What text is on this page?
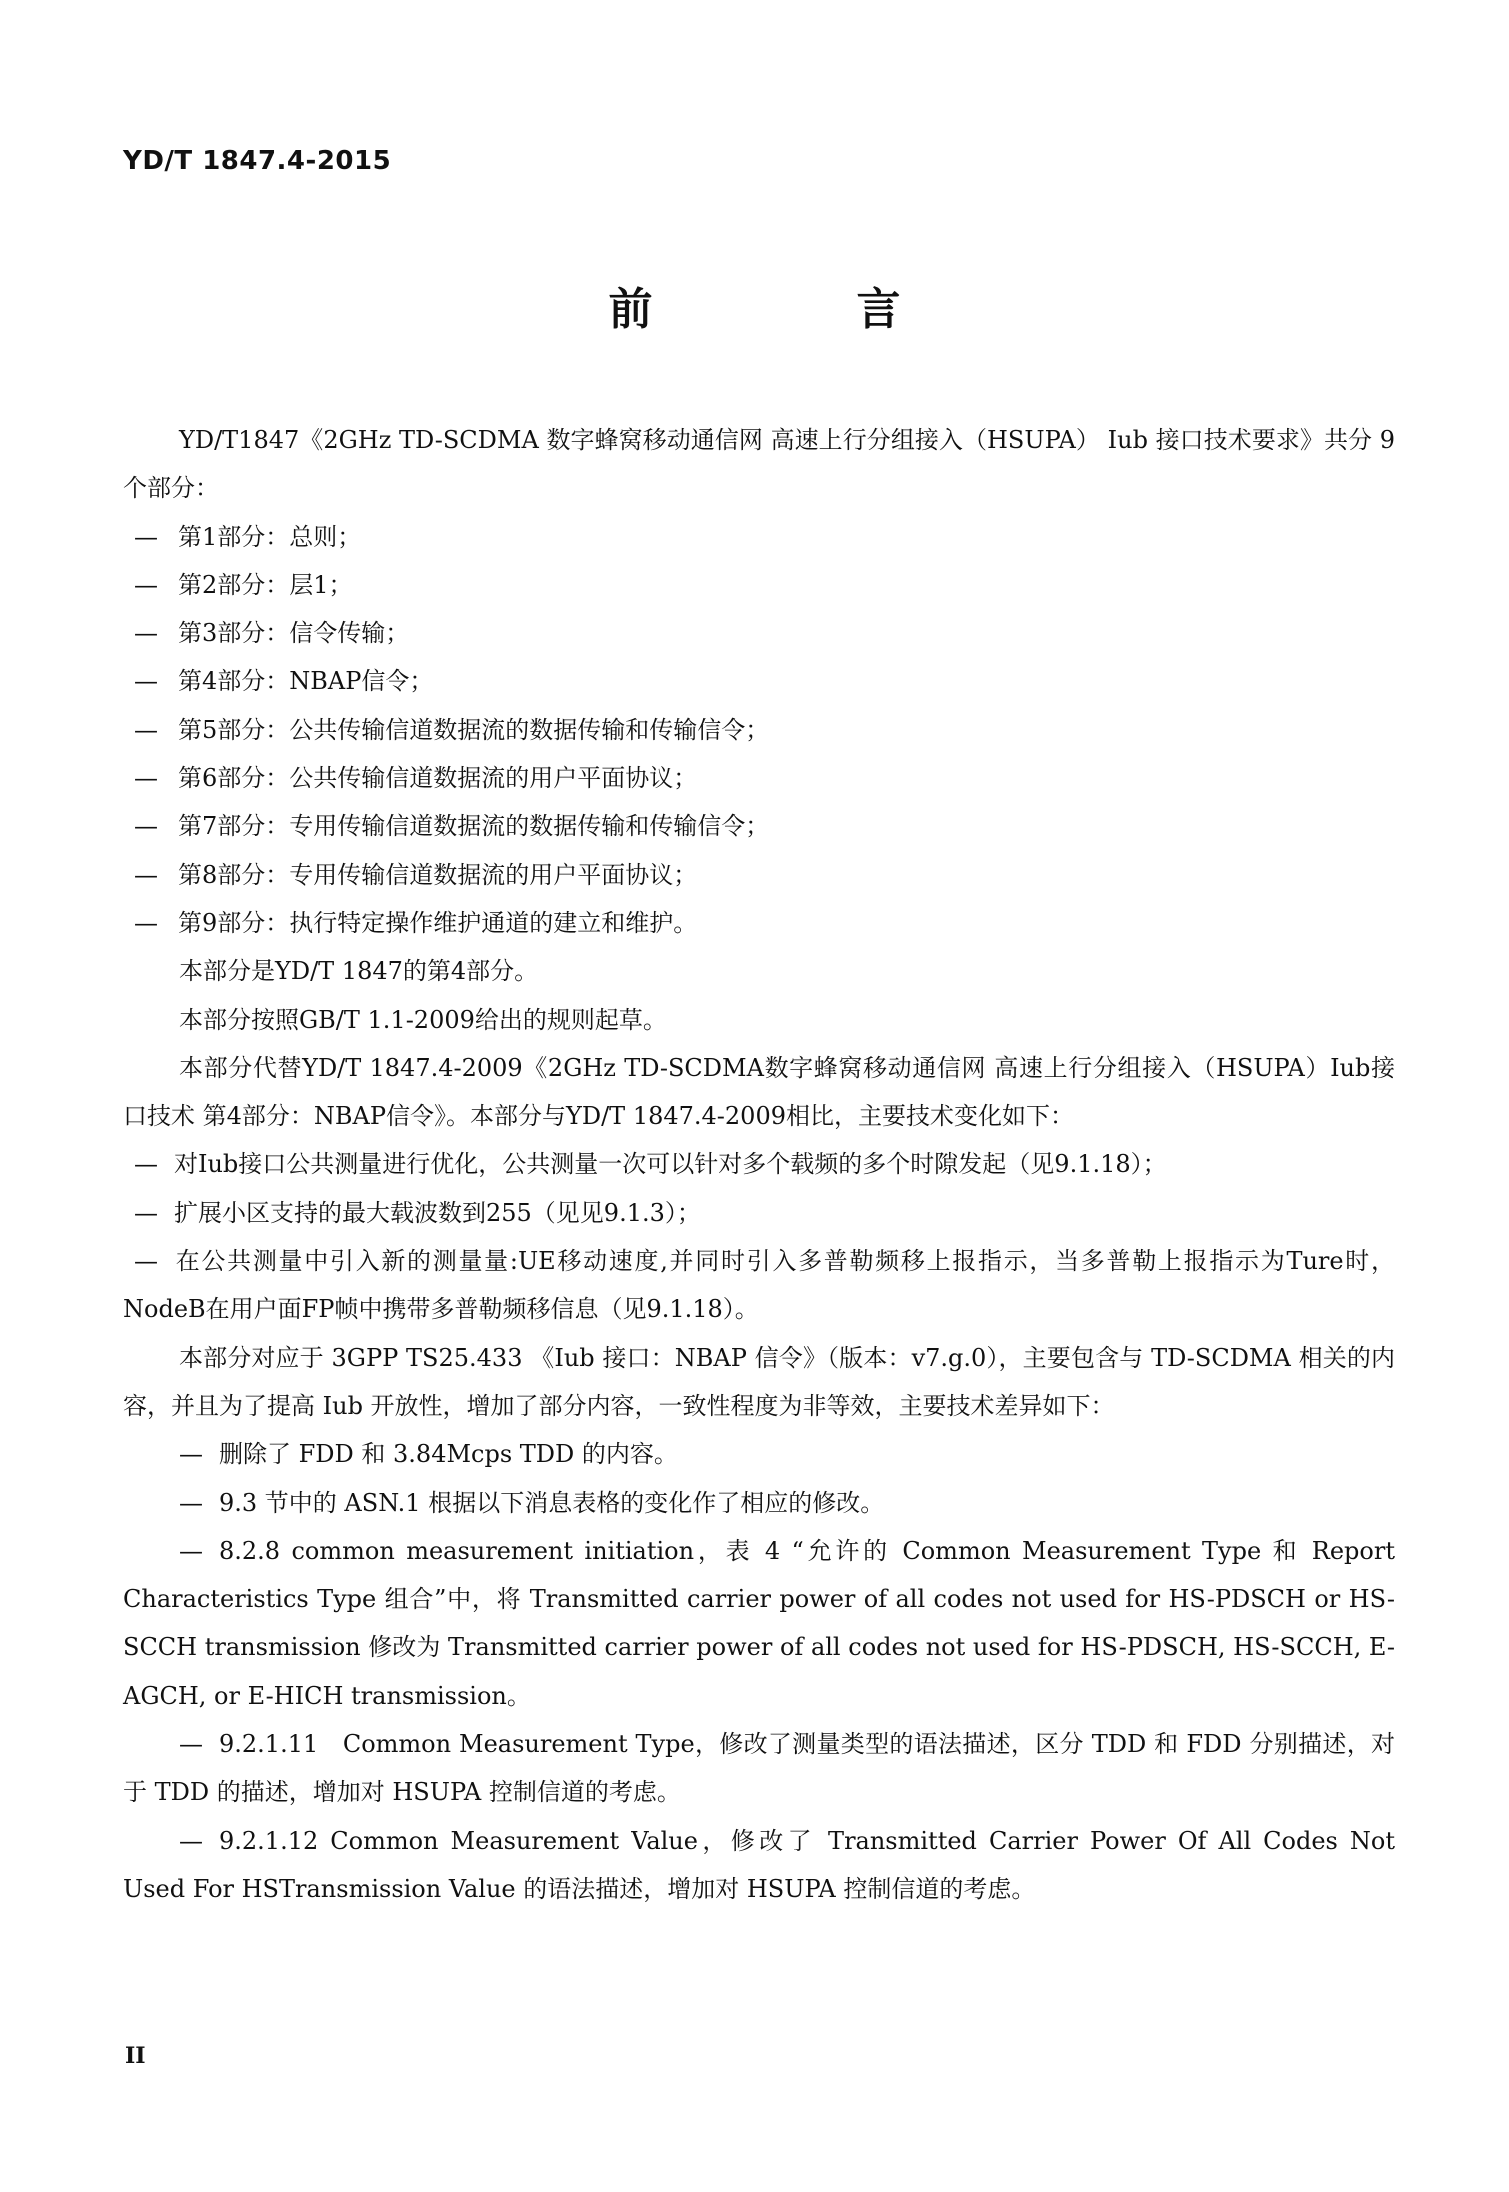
YD/T 1847.4-2015
前　言

YD/T1847《2GHz TD-SCDMA 数字蜂窝移动通信网 高速上行分组接入（HSUPA） Iub 接口技术要求》共分 9 个部分：

— 第1部分：总则；

— 第2部分：层1；

— 第3部分：信令传输；

— 第4部分：NBAP信令；

— 第5部分：公共传输信道数据流的数据传输和传输信令；

— 第6部分：公共传输信道数据流的用户平面协议；

— 第7部分：专用传输信道数据流的数据传输和传输信令；

— 第8部分：专用传输信道数据流的用户平面协议；

— 第9部分：执行特定操作维护通道的建立和维护。

本部分是YD/T 1847的第4部分。

本部分按照GB/T 1.1-2009给出的规则起草。

本部分代替YD/T 1847.4-2009《2GHz TD-SCDMA数字蜂窝移动通信网 高速上行分组接入（HSUPA）Iub接口技术 第4部分：NBAP信令》。本部分与YD/T 1847.4-2009相比，主要技术变化如下：

— 对Iub接口公共测量进行优化，公共测量一次可以针对多个载频的多个时隙发起（见9.1.18）；

— 扩展小区支持的最大载波数到255（见见9.1.3）；

— 在公共测量中引入新的测量量:UE移动速度,并同时引入多普勒频移上报指示，当多普勒上报指示为Ture时，NodeB在用户面FP帧中携带多普勒频移信息（见9.1.18）。

本部分对应于 3GPP TS25.433 《Iub 接口：NBAP 信令》（版本：v7.g.0），主要包含与 TD-SCDMA 相关的内容，并且为了提高 Iub 开放性，增加了部分内容，一致性程度为非等效，主要技术差异如下：

— 删除了 FDD 和 3.84Mcps TDD 的内容。

— 9.3 节中的 ASN.1 根据以下消息表格的变化作了相应的修改。

— 8.2.8 common measurement initiation，表 4 “允许的 Common Measurement Type 和 Report Characteristics Type 组合”中，将 Transmitted carrier power of all codes not used for HS-PDSCH or HS-SCCH transmission 修改为 Transmitted carrier power of all codes not used for HS-PDSCH, HS-SCCH, E-AGCH, or E-HICH transmission。

— 9.2.1.11　Common Measurement Type，修改了测量类型的语法描述，区分 TDD 和 FDD 分别描述，对于 TDD 的描述，增加对 HSUPA 控制信道的考虑。

— 9.2.1.12 Common Measurement Value，修改了 Transmitted Carrier Power Of All Codes Not Used For HSTransmission Value 的语法描述，增加对 HSUPA 控制信道的考虑。

II
